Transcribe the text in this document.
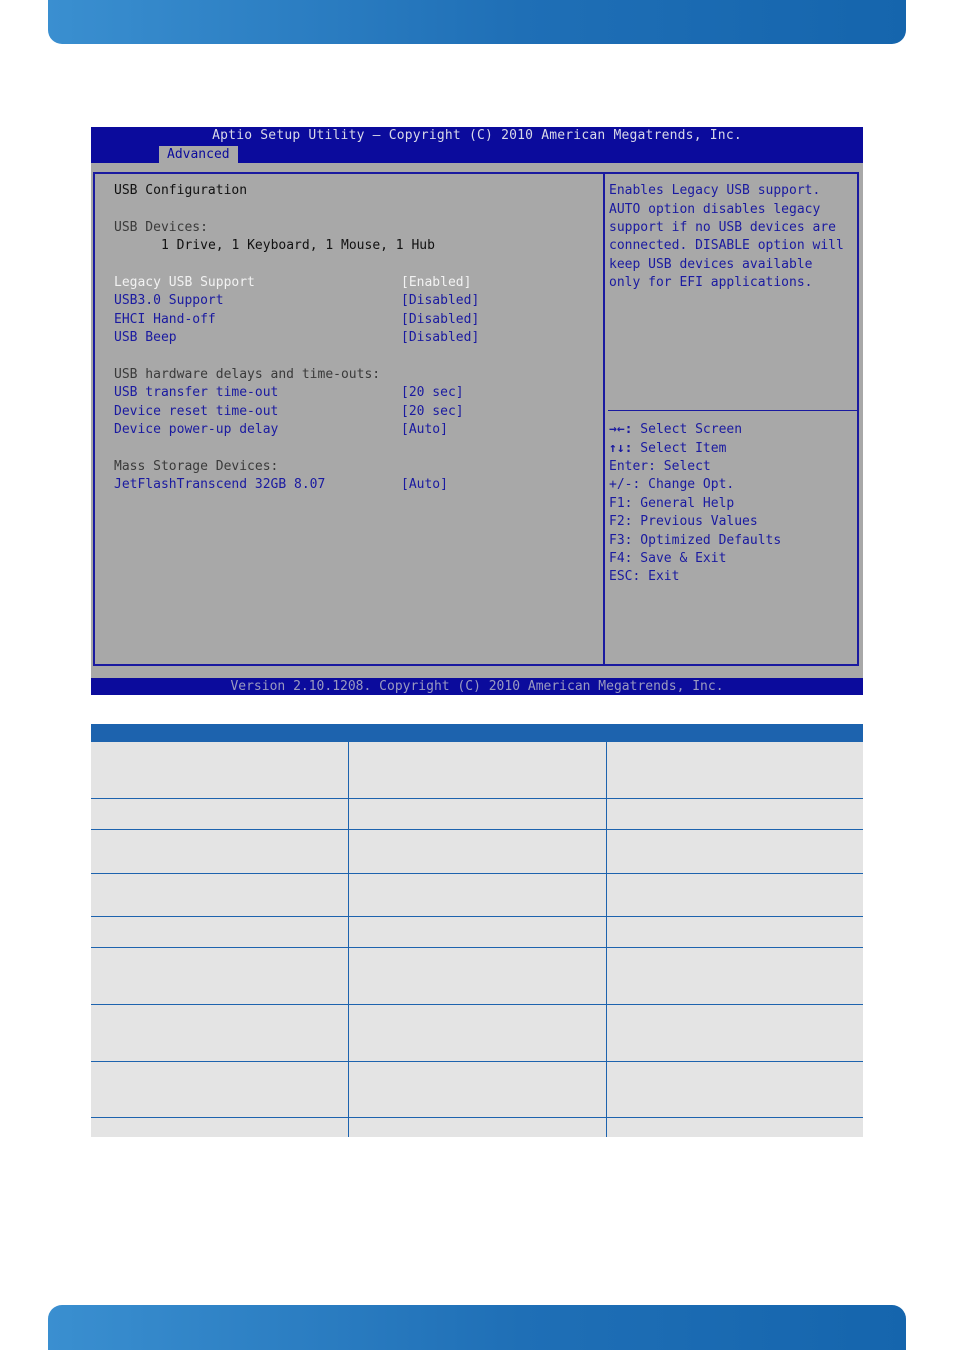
Aptio Setup Utility – Copyright (C) 2010 American Megatrends, Inc.
Advanced
USB Configuration
USB Devices:
1 Drive, 1 Keyboard, 1 Mouse, 1 Hub
Legacy USB Support	[Enabled]
USB3.0 Support	[Disabled]
EHCI Hand-off	[Disabled]
USB Beep	[Disabled]
USB hardware delays and time-outs:
USB transfer time-out	[20 sec]
Device reset time-out	[20 sec]
Device power-up delay	[Auto]
Mass Storage Devices:
JetFlashTranscend 32GB 8.07	[Auto]
Enables Legacy USB support.
AUTO option disables legacy
support if no USB devices are
connected. DISABLE option will
keep USB devices available
only for EFI applications.
→←: Select Screen
↑↓: Select Item
Enter: Select
+/-: Change Opt.
F1: General Help
F2: Previous Values
F3: Optimized Defaults
F4: Save & Exit
ESC: Exit
Version 2.10.1208. Copyright (C) 2010 American Megatrends, Inc.
